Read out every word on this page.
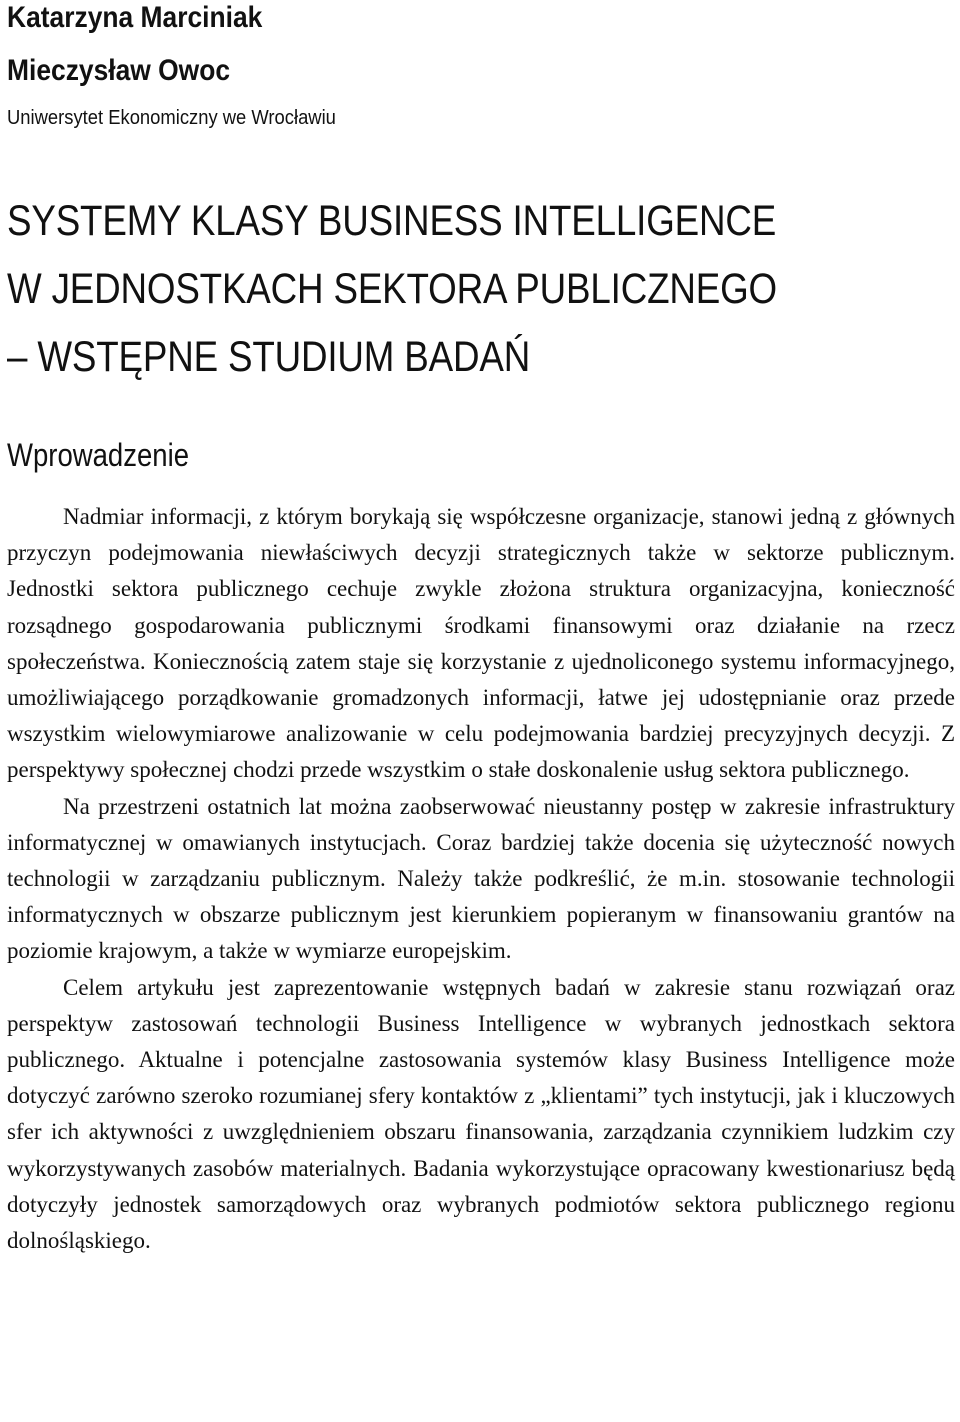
Katarzyna Marciniak
Mieczysław Owoc
Uniwersytet Ekonomiczny we Wrocławiu
SYSTEMY KLASY BUSINESS INTELLIGENCE
W JEDNOSTKACH SEKTORA PUBLICZNEGO
– WSTĘPNE STUDIUM BADAŃ
Wprowadzenie

Nadmiar informacji, z którym borykają się współczesne organizacje, stanowi jedną z głównych przyczyn podejmowania niewłaściwych decyzji strategicznych także w sektorze publicznym. Jednostki sektora publicznego cechuje zwykle złożona struktura organizacyjna, konieczność rozsądnego gospodarowania publicznymi środkami finansowymi oraz działanie na rzecz społeczeństwa. Koniecznością zatem staje się korzystanie z ujednoliconego systemu informacyjnego, umożliwiającego porządkowanie gromadzonych informacji, łatwe jej udostępnianie oraz przede wszystkim wielowymiarowe analizowanie w celu podejmowania bardziej precyzyjnych decyzji. Z perspektywy społecznej chodzi przede wszystkim o stałe doskonalenie usług sektora publicznego.

Na przestrzeni ostatnich lat można zaobserwować nieustanny postęp w zakresie infrastruktury informatycznej w omawianych instytucjach. Coraz bardziej także docenia się użyteczność nowych technologii w zarządzaniu publicznym. Należy także podkreślić, że m.in. stosowanie technologii informatycznych w obszarze publicznym jest kierunkiem popieranym w finansowaniu grantów na poziomie krajowym, a także w wymiarze europejskim.

Celem artykułu jest zaprezentowanie wstępnych badań w zakresie stanu rozwiązań oraz perspektyw zastosowań technologii Business Intelligence w wybranych jednostkach sektora publicznego. Aktualne i potencjalne zastosowania systemów klasy Business Intelligence może dotyczyć zarówno szeroko rozumianej sfery kontaktów z „klientami” tych instytucji, jak i kluczowych sfer ich aktywności z uwzględnieniem obszaru finansowania, zarządzania czynnikiem ludzkim czy wykorzystywanych zasobów materialnych. Badania wykorzystujące opracowany kwestionariusz będą dotyczyły jednostek samorządowych oraz wybranych podmiotów sektora publicznego regionu dolnośląskiego.
